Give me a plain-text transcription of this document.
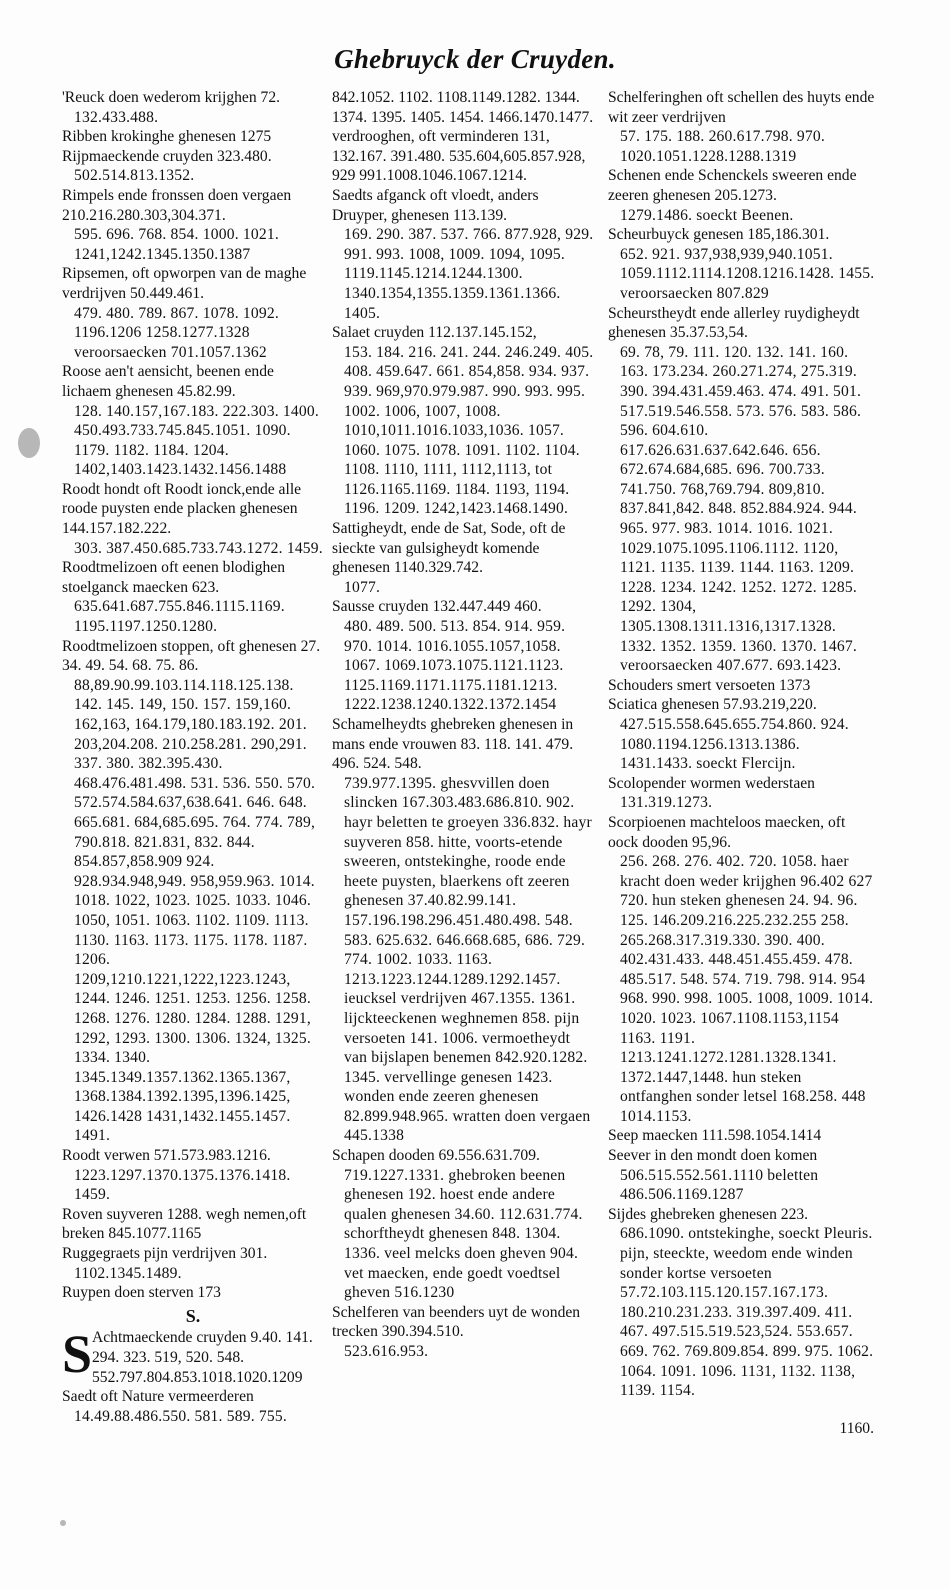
Ghebruyck der Cruyden.
'Reuck doen wederom krijghen 72.
132.433.488.
Ribben krokinghe ghenesen 1275
Rijpmaeckende cruyden 323.480.
502.514.813.1352.
Rimpels ende fronssen doen vergaen 210.216.280.303,304.371.
595. 696. 768. 854. 1000. 1021. 1241,1242.1345.1350.1387
Ripsemen, oft opworpen van de maghe verdrijven 50.449.461.
479. 480. 789. 867. 1078. 1092. 1196.1206 1258.1277.1328 veroorsaecken 701.1057.1362
Roose aen't aensicht, beenen ende lichaem ghenesen 45.82.99.
128. 140.157,167.183. 222.303. 1400. 450.493.733.745.845.1051. 1090. 1179. 1182. 1184. 1204. 1402,1403.1423.1432.1456.1488
Roodt hondt oft Roodt ionck,ende alle roode puysten ende placken ghenesen 144.157.182.222.
303. 387.450.685.733.743.1272. 1459.
Roodtmelizoen oft eenen blodighen stoelganck maecken 623.
635.641.687.755.846.1115.1169. 1195.1197.1250.1280.
Roodtmelizoen stoppen, oft ghenesen 27. 34. 49. 54. 68. 75. 86.
88,89.90.99.103.114.118.125.138. 142. 145. 149, 150. 157. 159,160. 162,163, 164.179,180.183.192. 201. 203,204.208. 210.258.281. 290,291. 337. 380. 382.395.430. 468.476.481.498. 531. 536. 550. 570. 572.574.584.637,638.641. 646. 648. 665.681. 684,685.695. 764. 774. 789, 790.818. 821.831, 832. 844. 854.857,858.909 924. 928.934.948,949. 958,959.963. 1014. 1018. 1022, 1023. 1025. 1033. 1046. 1050, 1051. 1063. 1102. 1109. 1113. 1130. 1163. 1173. 1175. 1178. 1187. 1206. 1209,1210.1221,1222,1223.1243, 1244. 1246. 1251. 1253. 1256. 1258. 1268. 1276. 1280. 1284. 1288. 1291, 1292, 1293. 1300. 1306. 1324, 1325. 1334. 1340. 1345.1349.1357.1362.1365.1367, 1368.1384.1392.1395,1396.1425, 1426.1428 1431,1432.1455.1457. 1491.
Roodt verwen 571.573.983.1216.
1223.1297.1370.1375.1376.1418. 1459.
Roven suyveren 1288. wegh nemen,oft breken 845.1077.1165
Ruggegraets pijn verdrijven 301.
1102.1345.1489.
Ruypen doen sterven 173
S.
S Achtmaeckende cruyden 9.40. 141. 294. 323. 519, 520. 548. 552.797.804.853.1018.1020.1209
Saedt oft Nature vermeerderen
14.49.88.486.550. 581. 589. 755.
842.1052. 1102. 1108.1149.1282. 1344. 1374. 1395. 1405. 1454. 1466.1470.1477. verdrooghen, oft verminderen 131, 132.167. 391.480. 535.604,605.857.928, 929 991.1008.1046.1067.1214.
Saedts afganck oft vloedt, anders Druyper, ghenesen 113.139.
169. 290. 387. 537. 766. 877.928, 929. 991. 993. 1008, 1009. 1094, 1095. 1119.1145.1214.1244.1300. 1340.1354,1355.1359.1361.1366. 1405.
Salaet cruyden 112.137.145.152,
153. 184. 216. 241. 244. 246.249. 405. 408. 459.647. 661. 854,858. 934. 937. 939. 969,970.979.987. 990. 993. 995. 1002. 1006, 1007, 1008. 1010,1011.1016.1033,1036. 1057. 1060. 1075. 1078. 1091. 1102. 1104. 1108. 1110, 1111, 1112,1113, tot 1126.1165.1169. 1184. 1193, 1194. 1196. 1209. 1242,1423.1468.1490.
Sattigheydt, ende de Sat, Sode, oft de sieckte van gulsigheydt komende ghenesen 1140.329.742.
1077.
Sausse cruyden 132.447.449 460.
480. 489. 500. 513. 854. 914. 959. 970. 1014. 1016.1055.1057,1058. 1067. 1069.1073.1075.1121.1123. 1125.1169.1171.1175.1181.1213. 1222.1238.1240.1322.1372.1454
Schamelheydts ghebreken ghenesen in mans ende vrouwen 83. 118. 141. 479. 496. 524. 548.
739.977.1395. ghesvvillen doen slincken 167.303.483.686.810. 902. hayr beletten te groeyen 336.832. hayr suyveren 858. hitte, voorts-etende sweeren, ontstekinghe, roode ende heete puysten, blaerkens oft zeeren ghenesen 37.40.82.99.141. 157.196.198.296.451.480.498. 548. 583. 625.632. 646.668.685, 686. 729. 774. 1002. 1033. 1163. 1213.1223.1244.1289.1292.1457. ieucksel verdrijven 467.1355. 1361. lijckteeckenen weghnemen 858. pijn versoeten 141. 1006. vermoetheydt van bijslapen benemen 842.920.1282. 1345. vervellinge genesen 1423. wonden ende zeeren ghenesen 82.899.948.965. wratten doen vergaen 445.1338
Schapen dooden 69.556.631.709.
719.1227.1331. ghebroken beenen ghenesen 192. hoest ende andere qualen ghenesen 34.60. 112.631.774. schorftheydt ghenesen 848. 1304. 1336. veel melcks doen gheven 904. vet maecken, ende goedt voedtsel gheven 516.1230
Schelferen van beenders uyt de wonden trecken 390.394.510.
523.616.953.
Schelferinghen oft schellen des huyts ende wit zeer verdrijven
57. 175. 188. 260.617.798. 970. 1020.1051.1228.1288.1319
Schenen ende Schenckels sweeren ende zeeren ghenesen 205.1273.
1279.1486. soeckt Beenen.
Scheurbuyck genesen 185,186.301.
652. 921. 937,938,939,940.1051. 1059.1112.1114.1208.1216.1428. 1455. veroorsaecken 807.829
Scheurstheydt ende allerley ruydigheydt ghenesen 35.37.53,54.
69. 78, 79. 111. 120. 132. 141. 160. 163. 173.234. 260.271.274, 275.319. 390. 394.431.459.463. 474. 491. 501. 517.519.546.558. 573. 576. 583. 586. 596. 604.610. 617.626.631.637.642.646. 656. 672.674.684,685. 696. 700.733. 741.750. 768,769.794. 809,810. 837.841,842. 848. 852.884.924. 944. 965. 977. 983. 1014. 1016. 1021. 1029.1075.1095.1106.1112. 1120, 1121. 1135. 1139. 1144. 1163. 1209. 1228. 1234. 1242. 1252. 1272. 1285. 1292. 1304, 1305.1308.1311.1316,1317.1328. 1332. 1352. 1359. 1360. 1370. 1467. veroorsaecken 407.677. 693.1423.
Schouders smert versoeten 1373
Sciatica ghenesen 57.93.219,220.
427.515.558.645.655.754.860. 924. 1080.1194.1256.1313.1386. 1431.1433. soeckt Flercijn.
Scolopender wormen wederstaen
131.319.1273.
Scorpioenen machteloos maecken, oft oock dooden 95,96.
256. 268. 276. 402. 720. 1058. haer kracht doen weder krijghen 96.402 627 720. hun steken ghenesen 24. 94. 96. 125. 146.209.216.225.232.255 258. 265.268.317.319.330. 390. 400. 402.431.433. 448.451.455.459. 478. 485.517. 548. 574. 719. 798. 914. 954 968. 990. 998. 1005. 1008, 1009. 1014. 1020. 1023. 1067.1108.1153,1154 1163. 1191. 1213.1241.1272.1281.1328.1341. 1372.1447,1448. hun steken ontfanghen sonder letsel 168.258. 448 1014.1153.
Seep maecken 111.598.1054.1414
Seever in den mondt doen komen
506.515.552.561.1110 beletten 486.506.1169.1287
Sijdes ghebreken ghenesen 223.
686.1090. ontstekinghe, soeckt Pleuris. pijn, steeckte, weedom ende winden sonder kortse versoeten 57.72.103.115.120.157.167.173. 180.210.231.233. 319.397.409. 411. 467. 497.515.519.523,524. 553.657. 669. 762. 769.809.854. 899. 975. 1062. 1064. 1091. 1096. 1131, 1132. 1138, 1139. 1154.
1160.
